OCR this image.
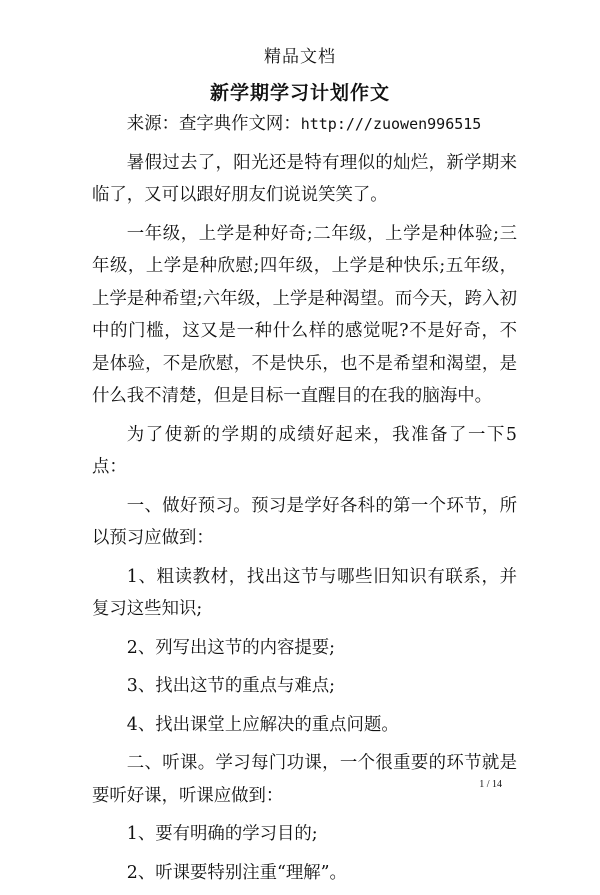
精品文档
新学期学习计划作文

来源：查字典作文网：http:///zuowen996515

暑假过去了，阳光还是特有理似的灿烂，新学期来临了，又可以跟好朋友们说说笑笑了。

一年级，上学是种好奇;二年级，上学是种体验;三年级，上学是种欣慰;四年级，上学是种快乐;五年级，上学是种希望;六年级，上学是种渴望。而今天，跨入初中的门槛，这又是一种什么样的感觉呢?不是好奇，不是体验，不是欣慰，不是快乐，也不是希望和渴望，是什么我不清楚，但是目标一直醒目的在我的脑海中。

为了使新的学期的成绩好起来，我准备了一下5点：

一、做好预习。预习是学好各科的第一个环节，所以预习应做到：

1、粗读教材，找出这节与哪些旧知识有联系，并复习这些知识;

2、列写出这节的内容提要;

3、找出这节的重点与难点;

4、找出课堂上应解决的重点问题。

二、听课。学习每门功课，一个很重要的环节就是要听好课，听课应做到：

1、要有明确的学习目的;

2、听课要特别注重“理解”。

1 / 14
